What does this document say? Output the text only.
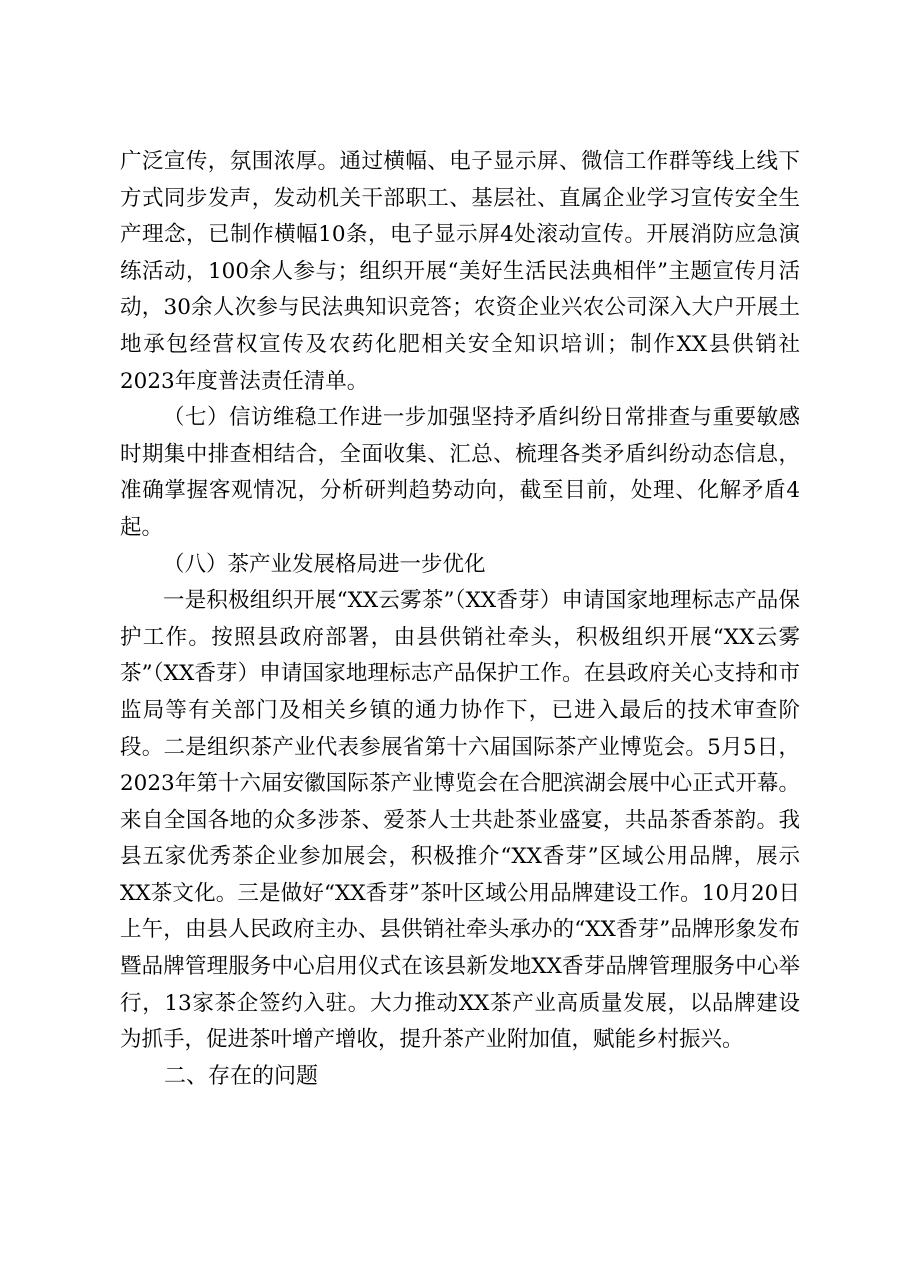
广泛宣传，氛围浓厚。通过横幅、电子显示屏、微信工作群等线上线下方式同步发声，发动机关干部职工、基层社、直属企业学习宣传安全生产理念，已制作横幅10条，电子显示屏4处滚动宣传。开展消防应急演练活动，100余人参与；组织开展“美好生活民法典相伴”主题宣传月活动，30余人次参与民法典知识竞答；农资企业兴农公司深入大户开展土地承包经营权宣传及农药化肥相关安全知识培训；制作XX县供销社2023年度普法责任清单。

（七）信访维稳工作进一步加强坚持矛盾纠纷日常排查与重要敏感时期集中排查相结合，全面收集、汇总、梳理各类矛盾纠纷动态信息，准确掌握客观情况，分析研判趋势动向，截至目前，处理、化解矛盾4起。

（八）茶产业发展格局进一步优化

一是积极组织开展“XX云雾茶”（XX香芽）申请国家地理标志产品保护工作。按照县政府部署，由县供销社牵头，积极组织开展“XX云雾茶”（XX香芽）申请国家地理标志产品保护工作。在县政府关心支持和市监局等有关部门及相关乡镇的通力协作下，已进入最后的技术审查阶段。二是组织茶产业代表参展省第十六届国际茶产业博览会。5月5日，2023年第十六届安徽国际茶产业博览会在合肥滨湖会展中心正式开幕。来自全国各地的众多涉茶、爱茶人士共赴茶业盛宴，共品茶香茶韵。我县五家优秀茶企业参加展会，积极推介“XX香芽”区域公用品牌，展示XX茶文化。三是做好“XX香芽”茶叶区域公用品牌建设工作。10月20日上午，由县人民政府主办、县供销社牵头承办的“XX香芽”品牌形象发布暨品牌管理服务中心启用仪式在该县新发地XX香芽品牌管理服务中心举行，13家茶企签约入驻。大力推动XX茶产业高质量发展，以品牌建设为抓手，促进茶叶增产增收，提升茶产业附加值，赋能乡村振兴。

二、存在的问题
